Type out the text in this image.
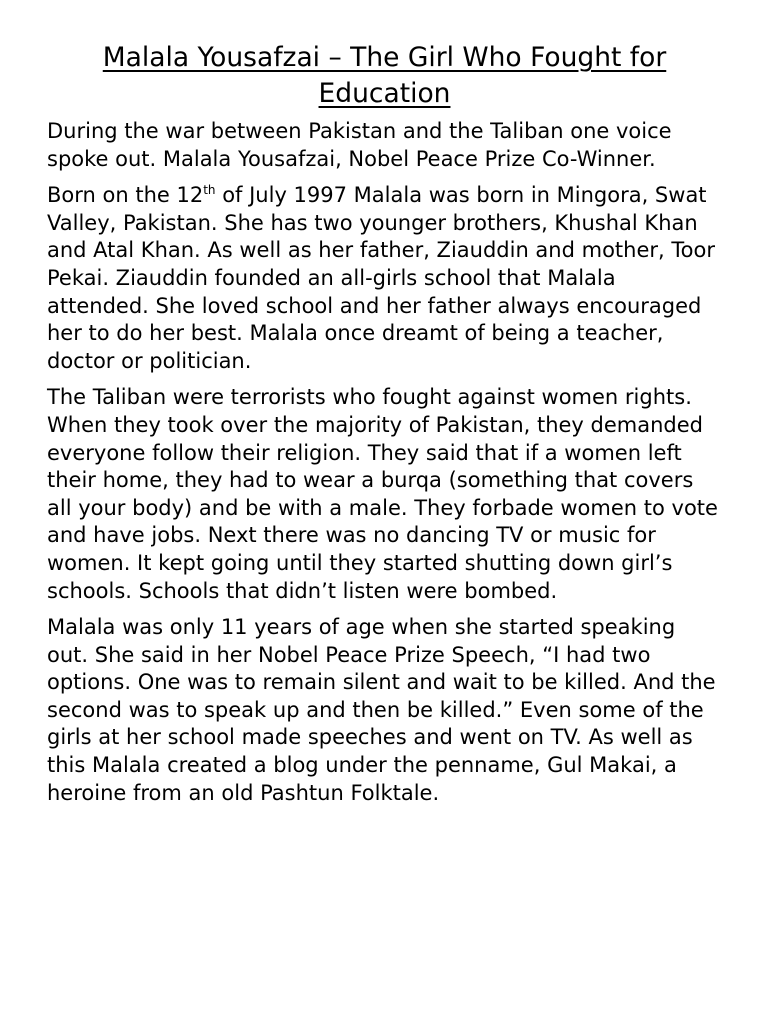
Malala Yousafzai – The Girl Who Fought for Education

During the war between Pakistan and the Taliban one voice spoke out. Malala Yousafzai, Nobel Peace Prize Co-Winner.

Born on the 12th of July 1997 Malala was born in Mingora, Swat Valley, Pakistan. She has two younger brothers, Khushal Khan and Atal Khan. As well as her father, Ziauddin and mother, Toor Pekai. Ziauddin founded an all-girls school that Malala attended. She loved school and her father always encouraged her to do her best. Malala once dreamt of being a teacher, doctor or politician.

The Taliban were terrorists who fought against women rights. When they took over the majority of Pakistan, they demanded everyone follow their religion. They said that if a women left their home, they had to wear a burqa (something that covers all your body) and be with a male. They forbade women to vote and have jobs. Next there was no dancing TV or music for women. It kept going until they started shutting down girl’s schools. Schools that didn’t listen were bombed.

Malala was only 11 years of age when she started speaking out. She said in her Nobel Peace Prize Speech, “I had two options. One was to remain silent and wait to be killed. And the second was to speak up and then be killed.” Even some of the girls at her school made speeches and went on TV. As well as this Malala created a blog under the penname, Gul Makai, a heroine from an old Pashtun Folktale.
